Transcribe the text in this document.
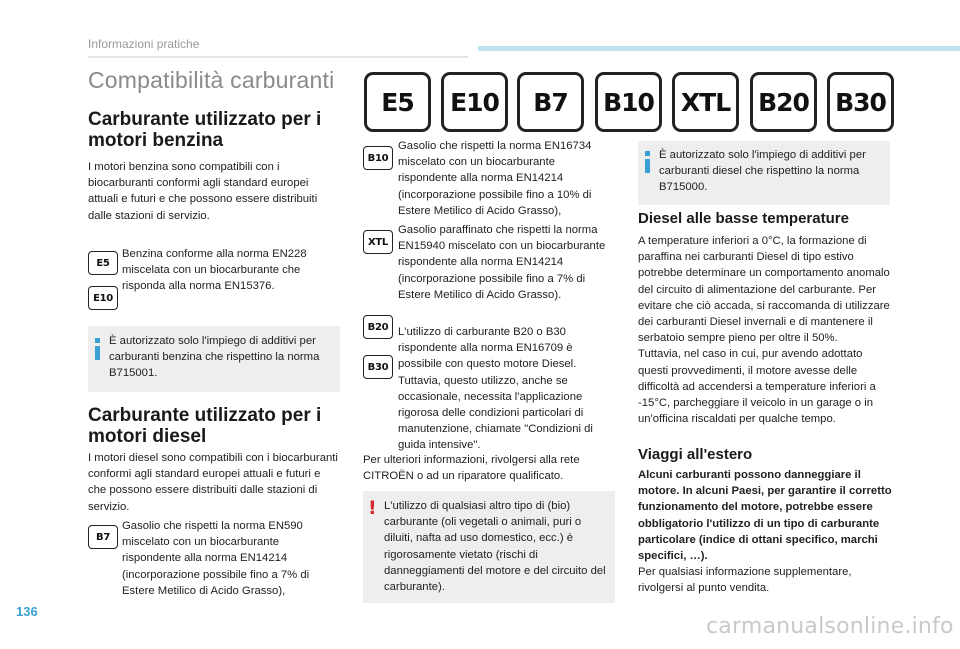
Informazioni pratiche
Compatibilità carburanti
E5	E10	B7	B10	XTL	B20	B30
Carburante utilizzato per i
motori benzina
I motori benzina sono compatibili con i biocarburanti conformi agli standard europei attuali e futuri e che possono essere distribuiti dalle stazioni di servizio.
E5
E10
Benzina conforme alla norma EN228 miscelata con un biocarburante che risponda alla norma EN15376.
È autorizzato solo l'impiego di additivi per carburanti benzina che rispettino la norma B715001.
Carburante utilizzato per i
motori diesel
I motori diesel sono compatibili con i biocarburanti conformi agli standard europei attuali e futuri e che possono essere distribuiti dalle stazioni di servizio.
B7
Gasolio che rispetti la norma EN590 miscelato con un biocarburante rispondente alla norma EN14214 (incorporazione possibile fino a 7% di Estere Metilico di Acido Grasso),
B10
Gasolio che rispetti la norma EN16734 miscelato con un biocarburante rispondente alla norma EN14214 (incorporazione possibile fino a 10% di Estere Metilico di Acido Grasso),
XTL
Gasolio paraffinato che rispetti la norma EN15940 miscelato con un biocarburante rispondente alla norma EN14214 (incorporazione possibile fino a 7% di Estere Metilico di Acido Grasso).
B20
B30
L'utilizzo di carburante B20 o B30 rispondente alla norma EN16709 è possibile con questo motore Diesel. Tuttavia, questo utilizzo, anche se occasionale, necessita l'applicazione rigorosa delle condizioni particolari di manutenzione, chiamate "Condizioni di guida intensive".
Per ulteriori informazioni, rivolgersi alla rete CITROËN o ad un riparatore qualificato.
! L'utilizzo di qualsiasi altro tipo di (bio) carburante (oli vegetali o animali, puri o diluiti, nafta ad uso domestico, ecc.) è rigorosamente vietato (rischi di danneggiamenti del motore e del circuito del carburante).
È autorizzato solo l'impiego di additivi per carburanti diesel che rispettino la norma B715000.
Diesel alle basse temperature
A temperature inferiori a 0°C, la formazione di paraffina nei carburanti Diesel di tipo estivo potrebbe determinare un comportamento anomalo del circuito di alimentazione del carburante. Per evitare che ciò accada, si raccomanda di utilizzare dei carburanti Diesel invernali e di mantenere il serbatoio sempre pieno per oltre il 50%.
Tuttavia, nel caso in cui, pur avendo adottato questi provvedimenti, il motore avesse delle difficoltà ad accendersi a temperature inferiori a -15°C, parcheggiare il veicolo in un garage o in un'officina riscaldati per qualche tempo.
Viaggi all'estero
Alcuni carburanti possono danneggiare il motore. In alcuni Paesi, per garantire il corretto funzionamento del motore, potrebbe essere obbligatorio l'utilizzo di un tipo di carburante particolare (indice di ottani specifico, marchi specifici, …).
Per qualsiasi informazione supplementare, rivolgersi al punto vendita.
136
carmanualsonline.info
